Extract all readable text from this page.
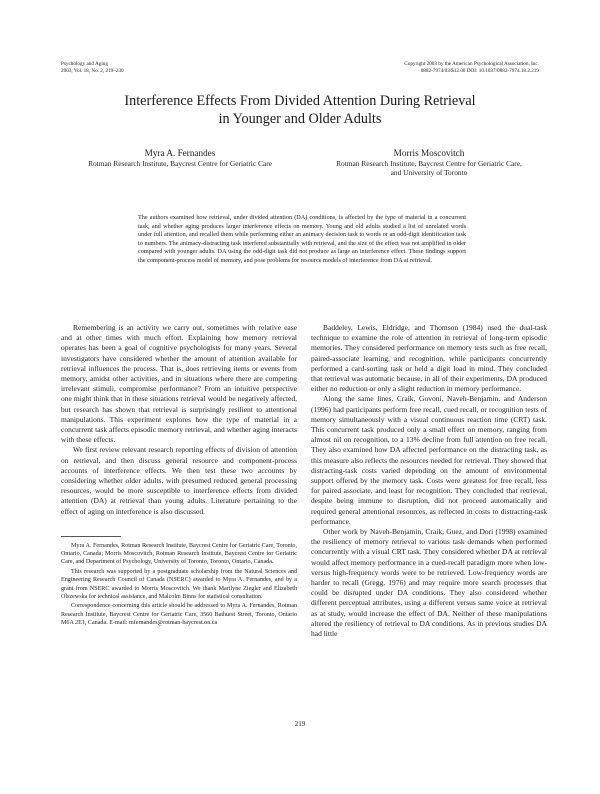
Psychology and Aging
2003, Vol. 18, No. 2, 219–230
Copyright 2003 by the American Psychological Association, Inc.
0882-7974/03/$12.00 DOI: 10.1037/0882-7974.18.2.219
Interference Effects From Divided Attention During Retrieval
in Younger and Older Adults
Myra A. Fernandes
Rotman Research Institute, Baycrest Centre for Geriatric Care
Morris Moscovitch
Rotman Research Institute, Baycrest Centre for Geriatric Care,
and University of Toronto
The authors examined how retrieval, under divided attention (DA) conditions, is affected by the type of material in a concurrent task, and whether aging produces larger interference effects on memory. Young and old adults studied a list of unrelated words under full attention, and recalled them while performing either an animacy decision task to words or an odd-digit identification task to numbers. The animacy-distracting task interfered substantially with retrieval, and the size of the effect was not amplified in older compared with younger adults. DA using the odd-digit task did not produce as large an interference effect. These findings support the component-process model of memory, and pose problems for resource models of interference from DA at retrieval.

Remembering is an activity we carry out, sometimes with relative ease and at other times with much effort. Explaining how memory retrieval operates has been a goal of cognitive psychologists for many years. Several investigators have considered whether the amount of attention available for retrieval influences the process. That is, does retrieving items or events from memory, amidst other activities, and in situations where there are competing irrelevant stimuli, compromise performance? From an intuitive perspective one might think that in these situations retrieval would be negatively affected, but research has shown that retrieval is surprisingly resilient to attentional manipulations. This experiment explores how the type of material in a concurrent task affects episodic memory retrieval, and whether aging interacts with these effects.

We first review relevant research reporting effects of division of attention on retrieval, and then discuss general resource and component-process accounts of interference effects. We then test these two accounts by considering whether older adults, with presumed reduced general processing resources, would be more susceptible to interference effects from divided attention (DA) at retrieval than young adults. Literature pertaining to the effect of aging on interference is also discussed.

Myra A. Fernandes, Rotman Research Institute, Baycrest Centre for Geriatric Care, Toronto, Ontario, Canada; Morris Moscovitch, Rotman Research Institute, Baycrest Centre for Geriatric Care, and Department of Psychology, University of Toronto, Toronto, Ontario, Canada.

This research was supported by a postgraduate scholarship from the Natural Sciences and Engineering Research Council of Canada (NSERC) awarded to Myra A. Fernandes, and by a grant from NSERC awarded to Morris Moscovitch. We thank Marilyne Ziegler and Elizabeth Olszewska for technical assistance, and Malcolm Binns for statistical consultation.

Correspondence concerning this article should be addressed to Myra A. Fernandes, Rotman Research Institute, Baycrest Centre for Geriatric Care, 3560 Bathurst Street, Toronto, Ontario M6A 2E1, Canada. E-mail: mfernandes@rotman-baycrest.on.ca

Baddeley, Lewis, Eldridge, and Thomson (1984) used the dual-task technique to examine the role of attention in retrieval of long-term episodic memories. They considered performance on memory tests such as free recall, paired-associate learning, and recognition, while participants concurrently performed a card-sorting task or held a digit load in mind. They concluded that retrieval was automatic because, in all of their experiments, DA produced either no reduction or only a slight reduction in memory performance.

Along the same lines, Craik, Govoni, Naveh-Benjamin, and Anderson (1996) had participants perform free recall, cued recall, or recognition tests of memory simultaneously with a visual continuous reaction time (CRT) task. This concurrent task produced only a small effect on memory, ranging from almost nil on recognition, to a 13% decline from full attention on free recall. They also examined how DA affected performance on the distracting task, as this measure also reflects the resources needed for retrieval. They showed that distracting-task costs varied depending on the amount of environmental support offered by the memory task. Costs were greatest for free recall, less for paired associate, and least for recognition. They concluded that retrieval, despite being immune to disruption, did not proceed automatically and required general attentional resources, as reflected in costs to distracting-task performance.

Other work by Naveh-Benjamin, Craik, Guez, and Dori (1998) examined the resiliency of memory retrieval to various task demands when performed concurrently with a visual CRT task. They considered whether DA at retrieval would affect memory performance in a cued-recall paradigm more when low- versus high-frequency words were to be retrieved. Low-frequency words are harder to recall (Gregg, 1976) and may require more search processes that could be disrupted under DA conditions. They also considered whether different perceptual attributes, using a different versus same voice at retrieval as at study, would increase the effect of DA. Neither of these manipulations altered the resiliency of retrieval to DA conditions. As in previous studies DA had little

219
